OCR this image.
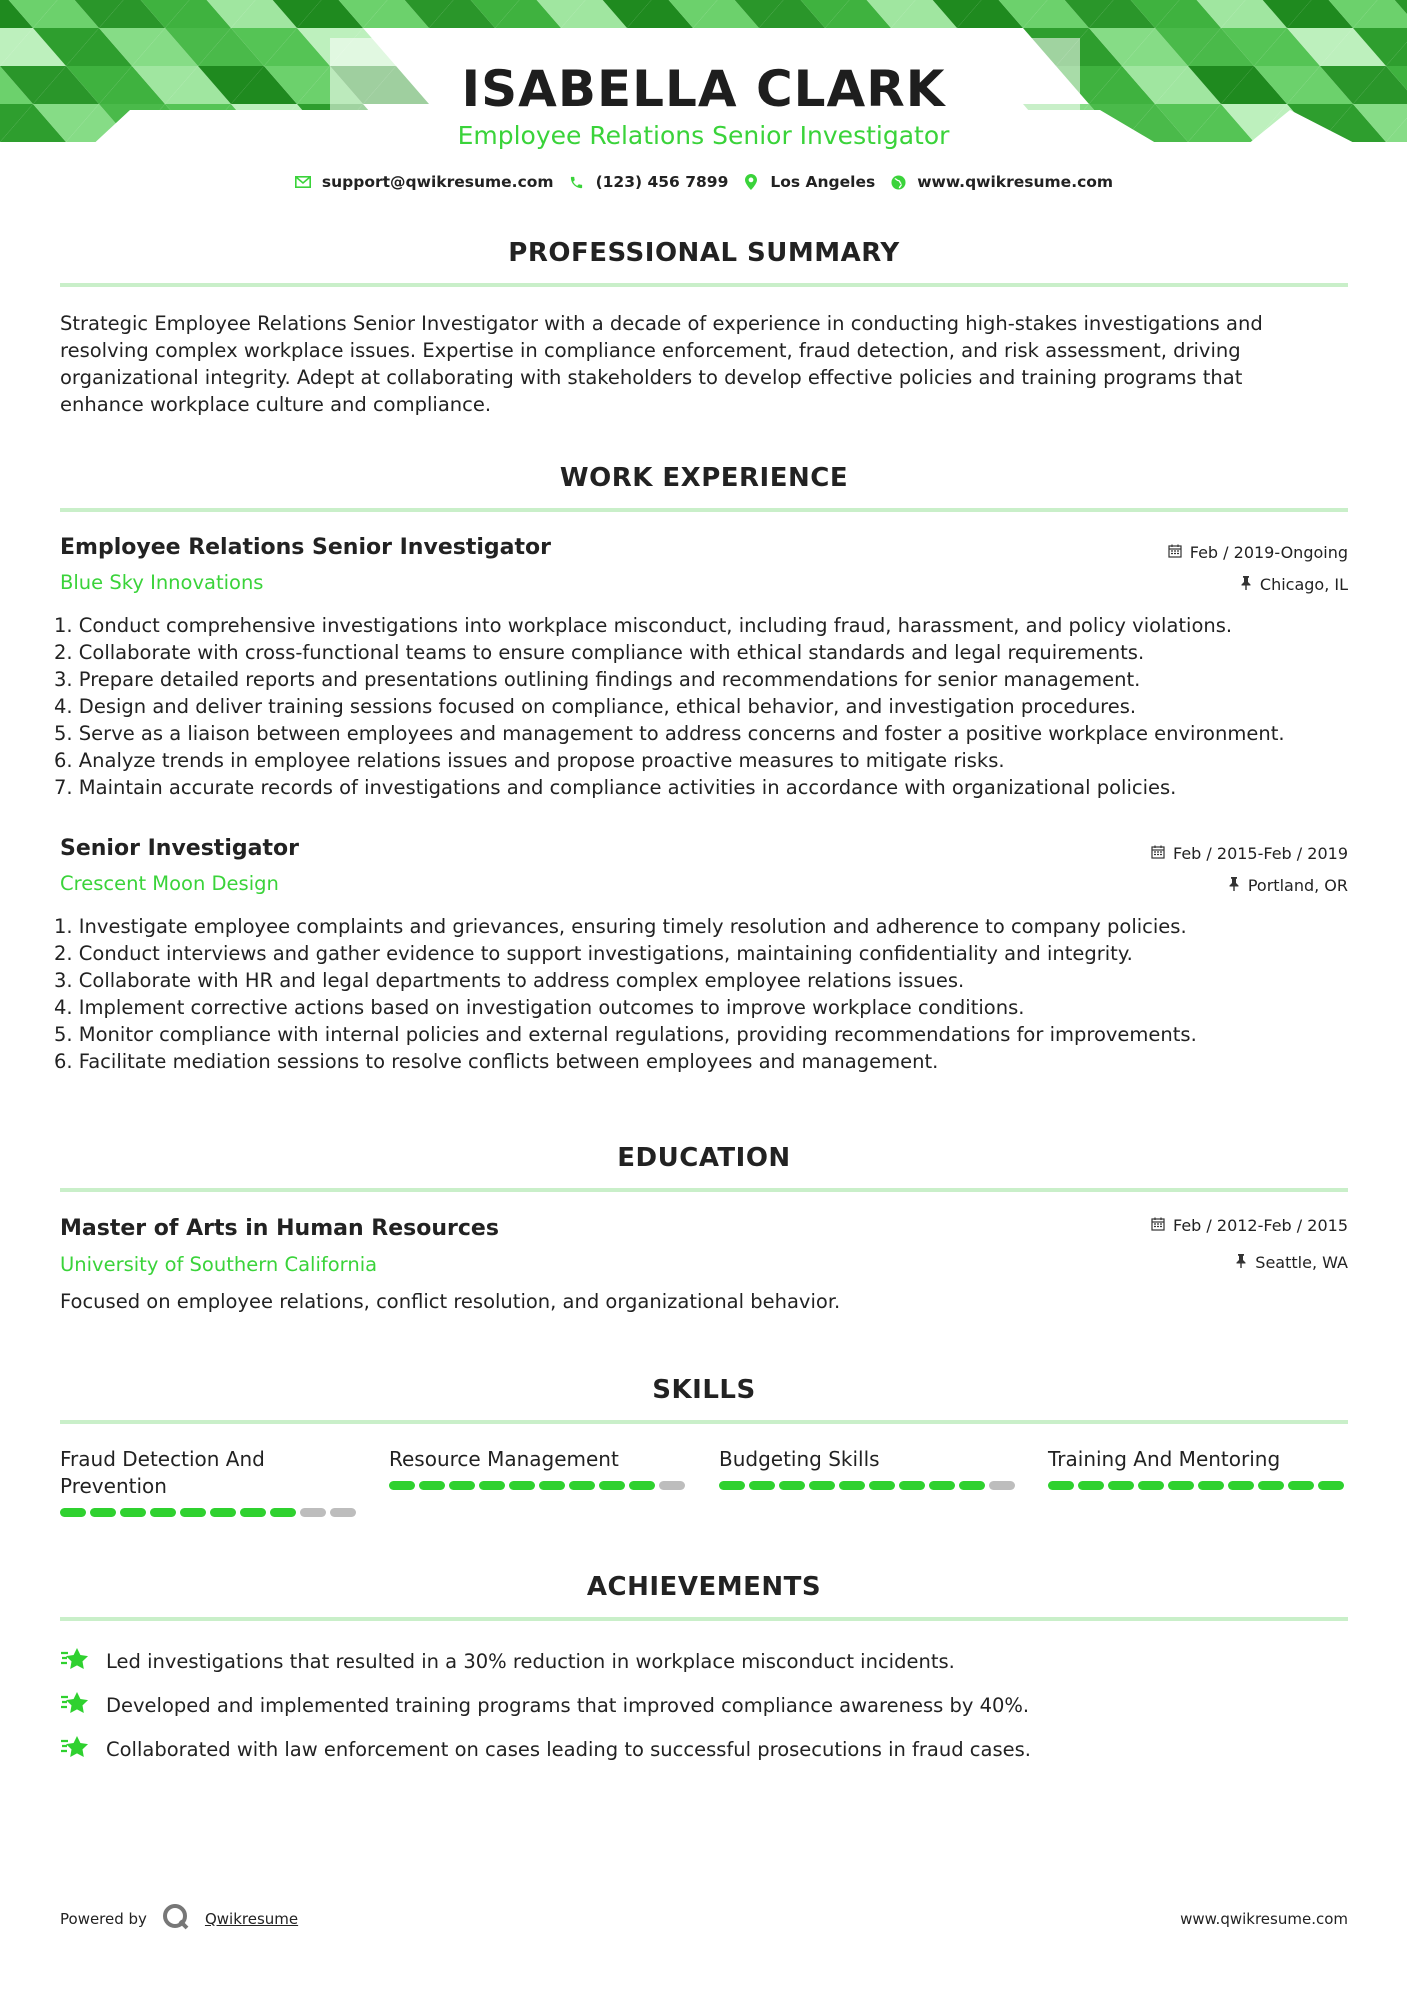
ISABELLA CLARK
Employee Relations Senior Investigator
support@qwikresume.com	(123) 456 7899	Los Angeles	www.qwikresume.com
PROFESSIONAL SUMMARY
Strategic Employee Relations Senior Investigator with a decade of experience in conducting high-stakes investigations and
resolving complex workplace issues. Expertise in compliance enforcement, fraud detection, and risk assessment, driving
organizational integrity. Adept at collaborating with stakeholders to develop effective policies and training programs that
enhance workplace culture and compliance.
WORK EXPERIENCE
Employee Relations Senior Investigator
Blue Sky Innovations
Feb / 2019-Ongoing
Chicago, IL
1. Conduct comprehensive investigations into workplace misconduct, including fraud, harassment, and policy violations.
2. Collaborate with cross-functional teams to ensure compliance with ethical standards and legal requirements.
3. Prepare detailed reports and presentations outlining findings and recommendations for senior management.
4. Design and deliver training sessions focused on compliance, ethical behavior, and investigation procedures.
5. Serve as a liaison between employees and management to address concerns and foster a positive workplace environment.
6. Analyze trends in employee relations issues and propose proactive measures to mitigate risks.
7. Maintain accurate records of investigations and compliance activities in accordance with organizational policies.
Senior Investigator
Crescent Moon Design
Feb / 2015-Feb / 2019
Portland, OR
1. Investigate employee complaints and grievances, ensuring timely resolution and adherence to company policies.
2. Conduct interviews and gather evidence to support investigations, maintaining confidentiality and integrity.
3. Collaborate with HR and legal departments to address complex employee relations issues.
4. Implement corrective actions based on investigation outcomes to improve workplace conditions.
5. Monitor compliance with internal policies and external regulations, providing recommendations for improvements.
6. Facilitate mediation sessions to resolve conflicts between employees and management.
EDUCATION
Master of Arts in Human Resources
University of Southern California
Feb / 2012-Feb / 2015
Seattle, WA
Focused on employee relations, conflict resolution, and organizational behavior.
SKILLS
Fraud Detection And
Prevention
Resource Management	Budgeting Skills	Training And Mentoring
ACHIEVEMENTS
Led investigations that resulted in a 30% reduction in workplace misconduct incidents.
Developed and implemented training programs that improved compliance awareness by 40%.
Collaborated with law enforcement on cases leading to successful prosecutions in fraud cases.
Powered by	Qwikresume	www.qwikresume.com
